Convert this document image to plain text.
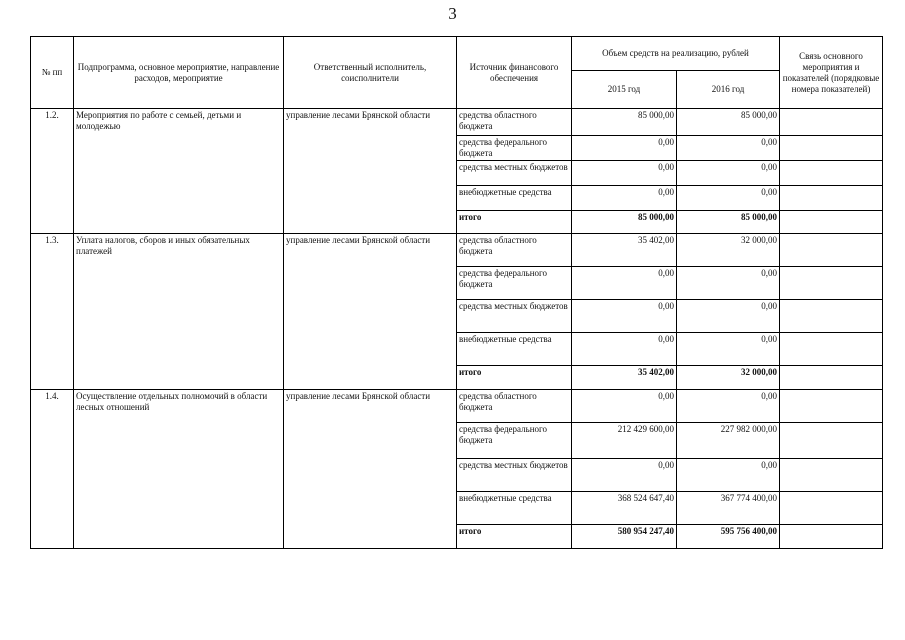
3
№ пп	Подпрограмма, основное мероприятие, направление расходов, мероприятие	Ответственный исполнитель, соисполнители	Источник финансового обеспечения	Объем средств на реализацию, рублей		Связь основного мероприятия и показателей (порядковые номера показателей)
				2015 год	2016 год	
1.2.	Мероприятия по работе с семьей, детьми и молодежью	управление лесами Брянской области	средства областного бюджета	85 000,00	85 000,00	
			средства федерального бюджета	0,00	0,00	
			средства местных бюджетов	0,00	0,00	
			внебюджетные средства	0,00	0,00	
			итого	85 000,00	85 000,00	
1.3.	Уплата налогов, сборов и иных обязательных платежей	управление лесами Брянской области	средства областного бюджета	35 402,00	32 000,00	
			средства федерального бюджета	0,00	0,00	
			средства местных бюджетов	0,00	0,00	
			внебюджетные средства	0,00	0,00	
			итого	35 402,00	32 000,00	
1.4.	Осуществление отдельных полномочий в области лесных отношений	управление лесами Брянской области	средства областного бюджета	0,00	0,00	
			средства федерального бюджета	212 429 600,00	227 982 000,00	
			средства местных бюджетов	0,00	0,00	
			внебюджетные средства	368 524 647,40	367 774 400,00	
			итого	580 954 247,40	595 756 400,00	
